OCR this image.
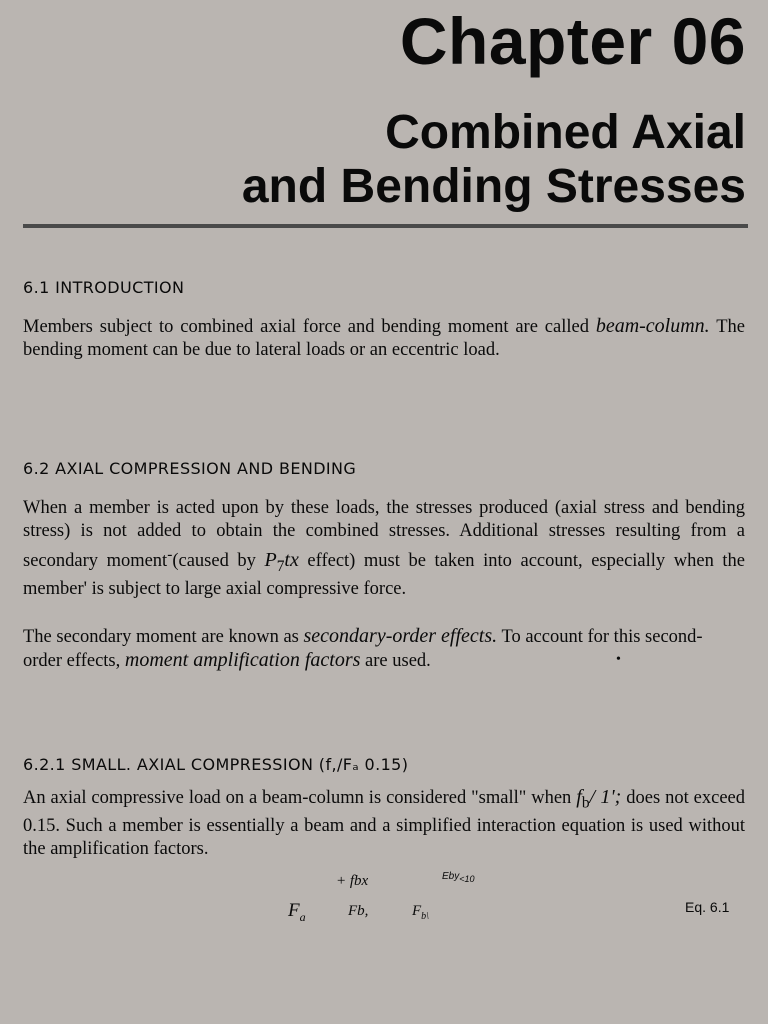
Chapter 06
Combined Axial
and Bending Stresses
6.1 INTRODUCTION
Members subject to combined axial force and bending moment are called beam-column. The bending moment can be due to lateral loads or an eccentric load.
6.2 AXIAL COMPRESSION AND BENDING
When a member is acted upon by these loads, the stresses produced (axial stress and bending stress) is not added to obtain the combined stresses. Additional stresses resulting from a secondary moment-(caused by $P_7tx$ effect) must be taken into account, especially when the member' is subject to large axial compressive force.
The secondary moment are known as secondary-order effects. To account for this second-order effects, moment amplification factors are used.	•
6.2.1 SMALL. AXIAL COMPRESSION (f,/Fₐ 0.15)
An axial compressive load on a beam-column is considered "small" when $f_b/$ 1'; does not exceed 0.15. Such a member is essentially a beam and a simplified interaction equation is used without the amplification factors.
+ fbx	Eby$_{<10}$
$F_a$	Fb,	$F_{b\backslash}$
Eq. 6.1
